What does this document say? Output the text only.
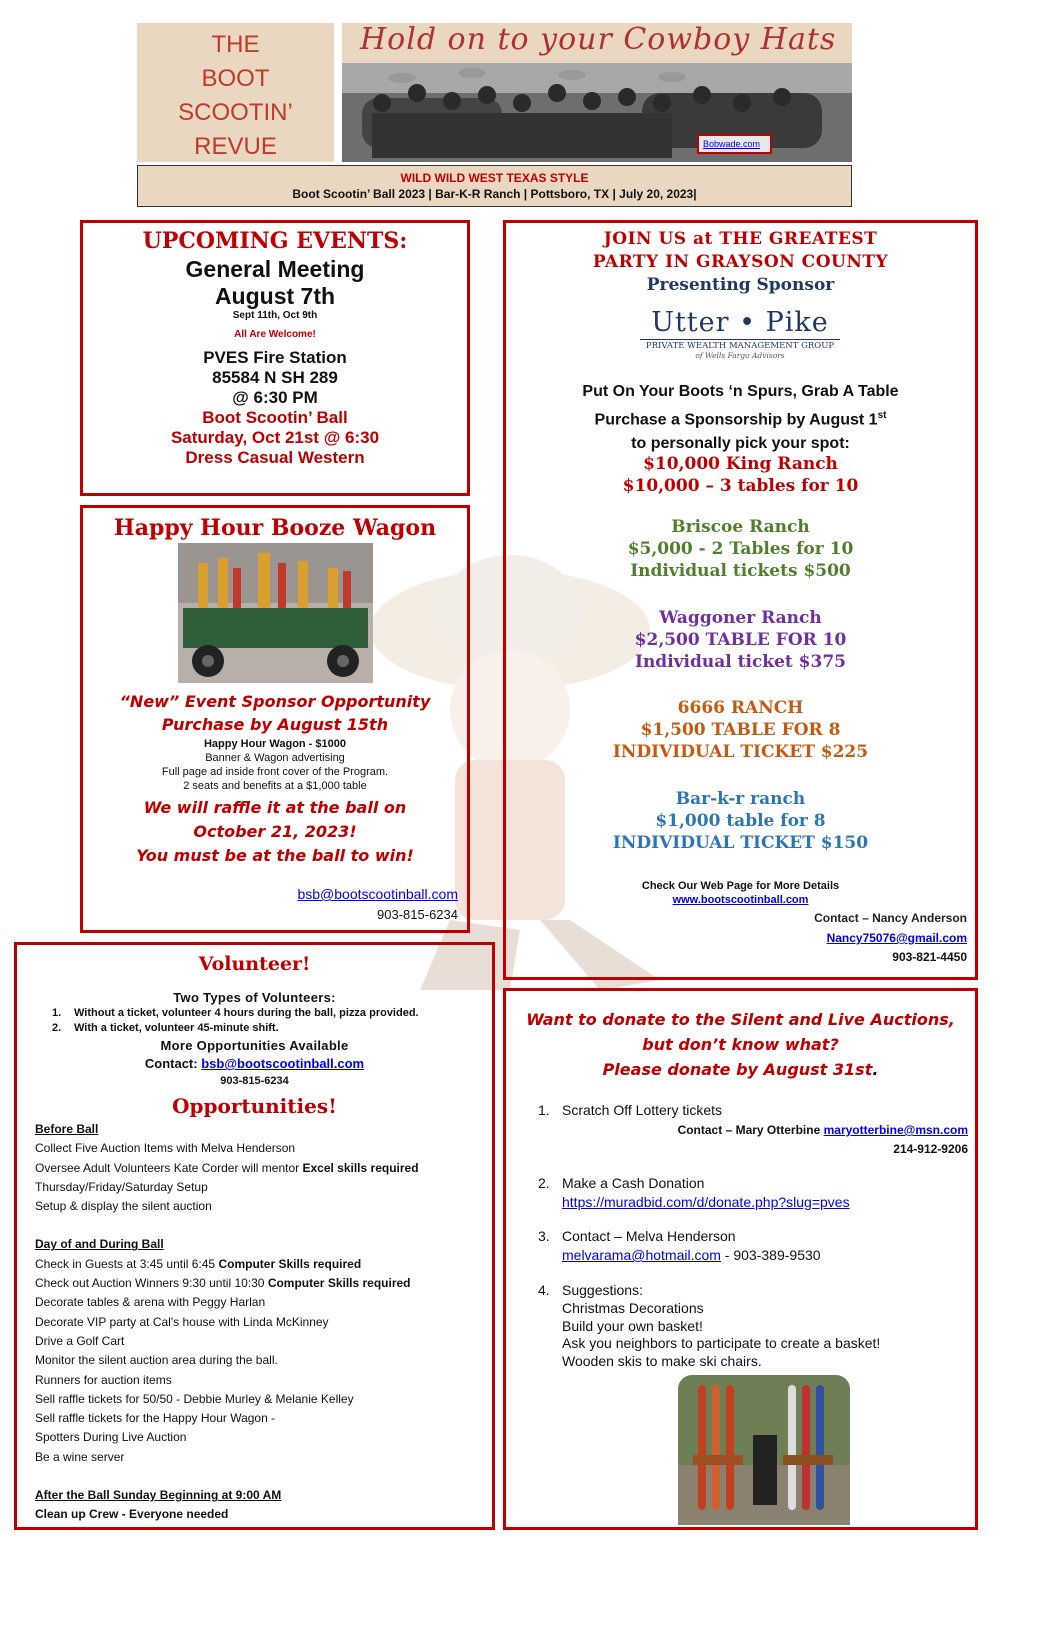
THE
BOOT
SCOOTIN’
REVUE
Hold on to your Cowboy Hats
Bobwade.com
WILD WILD WEST TEXAS STYLE
Boot Scootin’ Ball 2023 | Bar-K-R Ranch | Pottsboro, TX | July 20, 2023|
UPCOMING EVENTS:
General Meeting
August 7th
Sept 11th, Oct 9th
All Are Welcome!
PVES Fire Station
85584 N SH 289
@ 6:30 PM
Boot Scootin’ Ball
Saturday, Oct 21st @ 6:30
Dress Casual Western
Happy Hour Booze Wagon
“New” Event Sponsor Opportunity
Purchase by August 15th
Happy Hour Wagon - $1000
Banner & Wagon advertising
Full page ad inside front cover of the Program.
2 seats and benefits at a $1,000 table
We will raffle it at the ball on
October 21, 2023!
You must be at the ball to win!
bsb@bootscootinball.com
903-815-6234
JOIN US at THE GREATEST
PARTY IN GRAYSON COUNTY
Presenting Sponsor
Utter • Pike
PRIVATE WEALTH MANAGEMENT GROUP
of Wells Fargo Advisors
Put On Your Boots ‘n Spurs, Grab A Table
Purchase a Sponsorship by August 1st
to personally pick your spot:
$10,000 King Ranch
$10,000 – 3 tables for 10
Briscoe Ranch
$5,000 - 2 Tables for 10
Individual tickets $500
Waggoner Ranch
$2,500 TABLE FOR 10
Individual ticket $375
6666 RANCH
$1,500 TABLE FOR 8
INDIVIDUAL TICKET $225
Bar-k-r ranch
$1,000 table for 8
INDIVIDUAL TICKET $150
Check Our Web Page for More Details
www.bootscootinball.com
Contact – Nancy Anderson
Nancy75076@gmail.com
903-821-4450
Volunteer!
Two Types of Volunteers:
1. Without a ticket, volunteer 4 hours during the ball, pizza provided.
2. With a ticket, volunteer 45-minute shift.
More Opportunities Available
Contact: bsb@bootscootinball.com
903-815-6234
Opportunities!
Before Ball
Collect Five Auction Items with Melva Henderson
Oversee Adult Volunteers Kate Corder will mentor Excel skills required
Thursday/Friday/Saturday Setup
Setup & display the silent auction
Day of and During Ball
Check in Guests at 3:45 until 6:45 Computer Skills required
Check out Auction Winners 9:30 until 10:30 Computer Skills required
Decorate tables & arena with Peggy Harlan
Decorate VIP party at Cal's house with Linda McKinney
Drive a Golf Cart
Monitor the silent auction area during the ball.
Runners for auction items
Sell raffle tickets for 50/50 - Debbie Murley & Melanie Kelley
Sell raffle tickets for the Happy Hour Wagon -
Spotters During Live Auction
Be a wine server
After the Ball Sunday Beginning at 9:00 AM
Clean up Crew - Everyone needed
Want to donate to the Silent and Live Auctions,
but don’t know what?
Please donate by August 31st.
1. Scratch Off Lottery tickets
Contact – Mary Otterbine maryotterbine@msn.com
214-912-9206
2. Make a Cash Donation
https://muradbid.com/d/donate.php?slug=pves
3. Contact – Melva Henderson
melvarama@hotmail.com - 903-389-9530
4. Suggestions:
Christmas Decorations
Build your own basket!
Ask you neighbors to participate to create a basket!
Wooden skis to make ski chairs.
